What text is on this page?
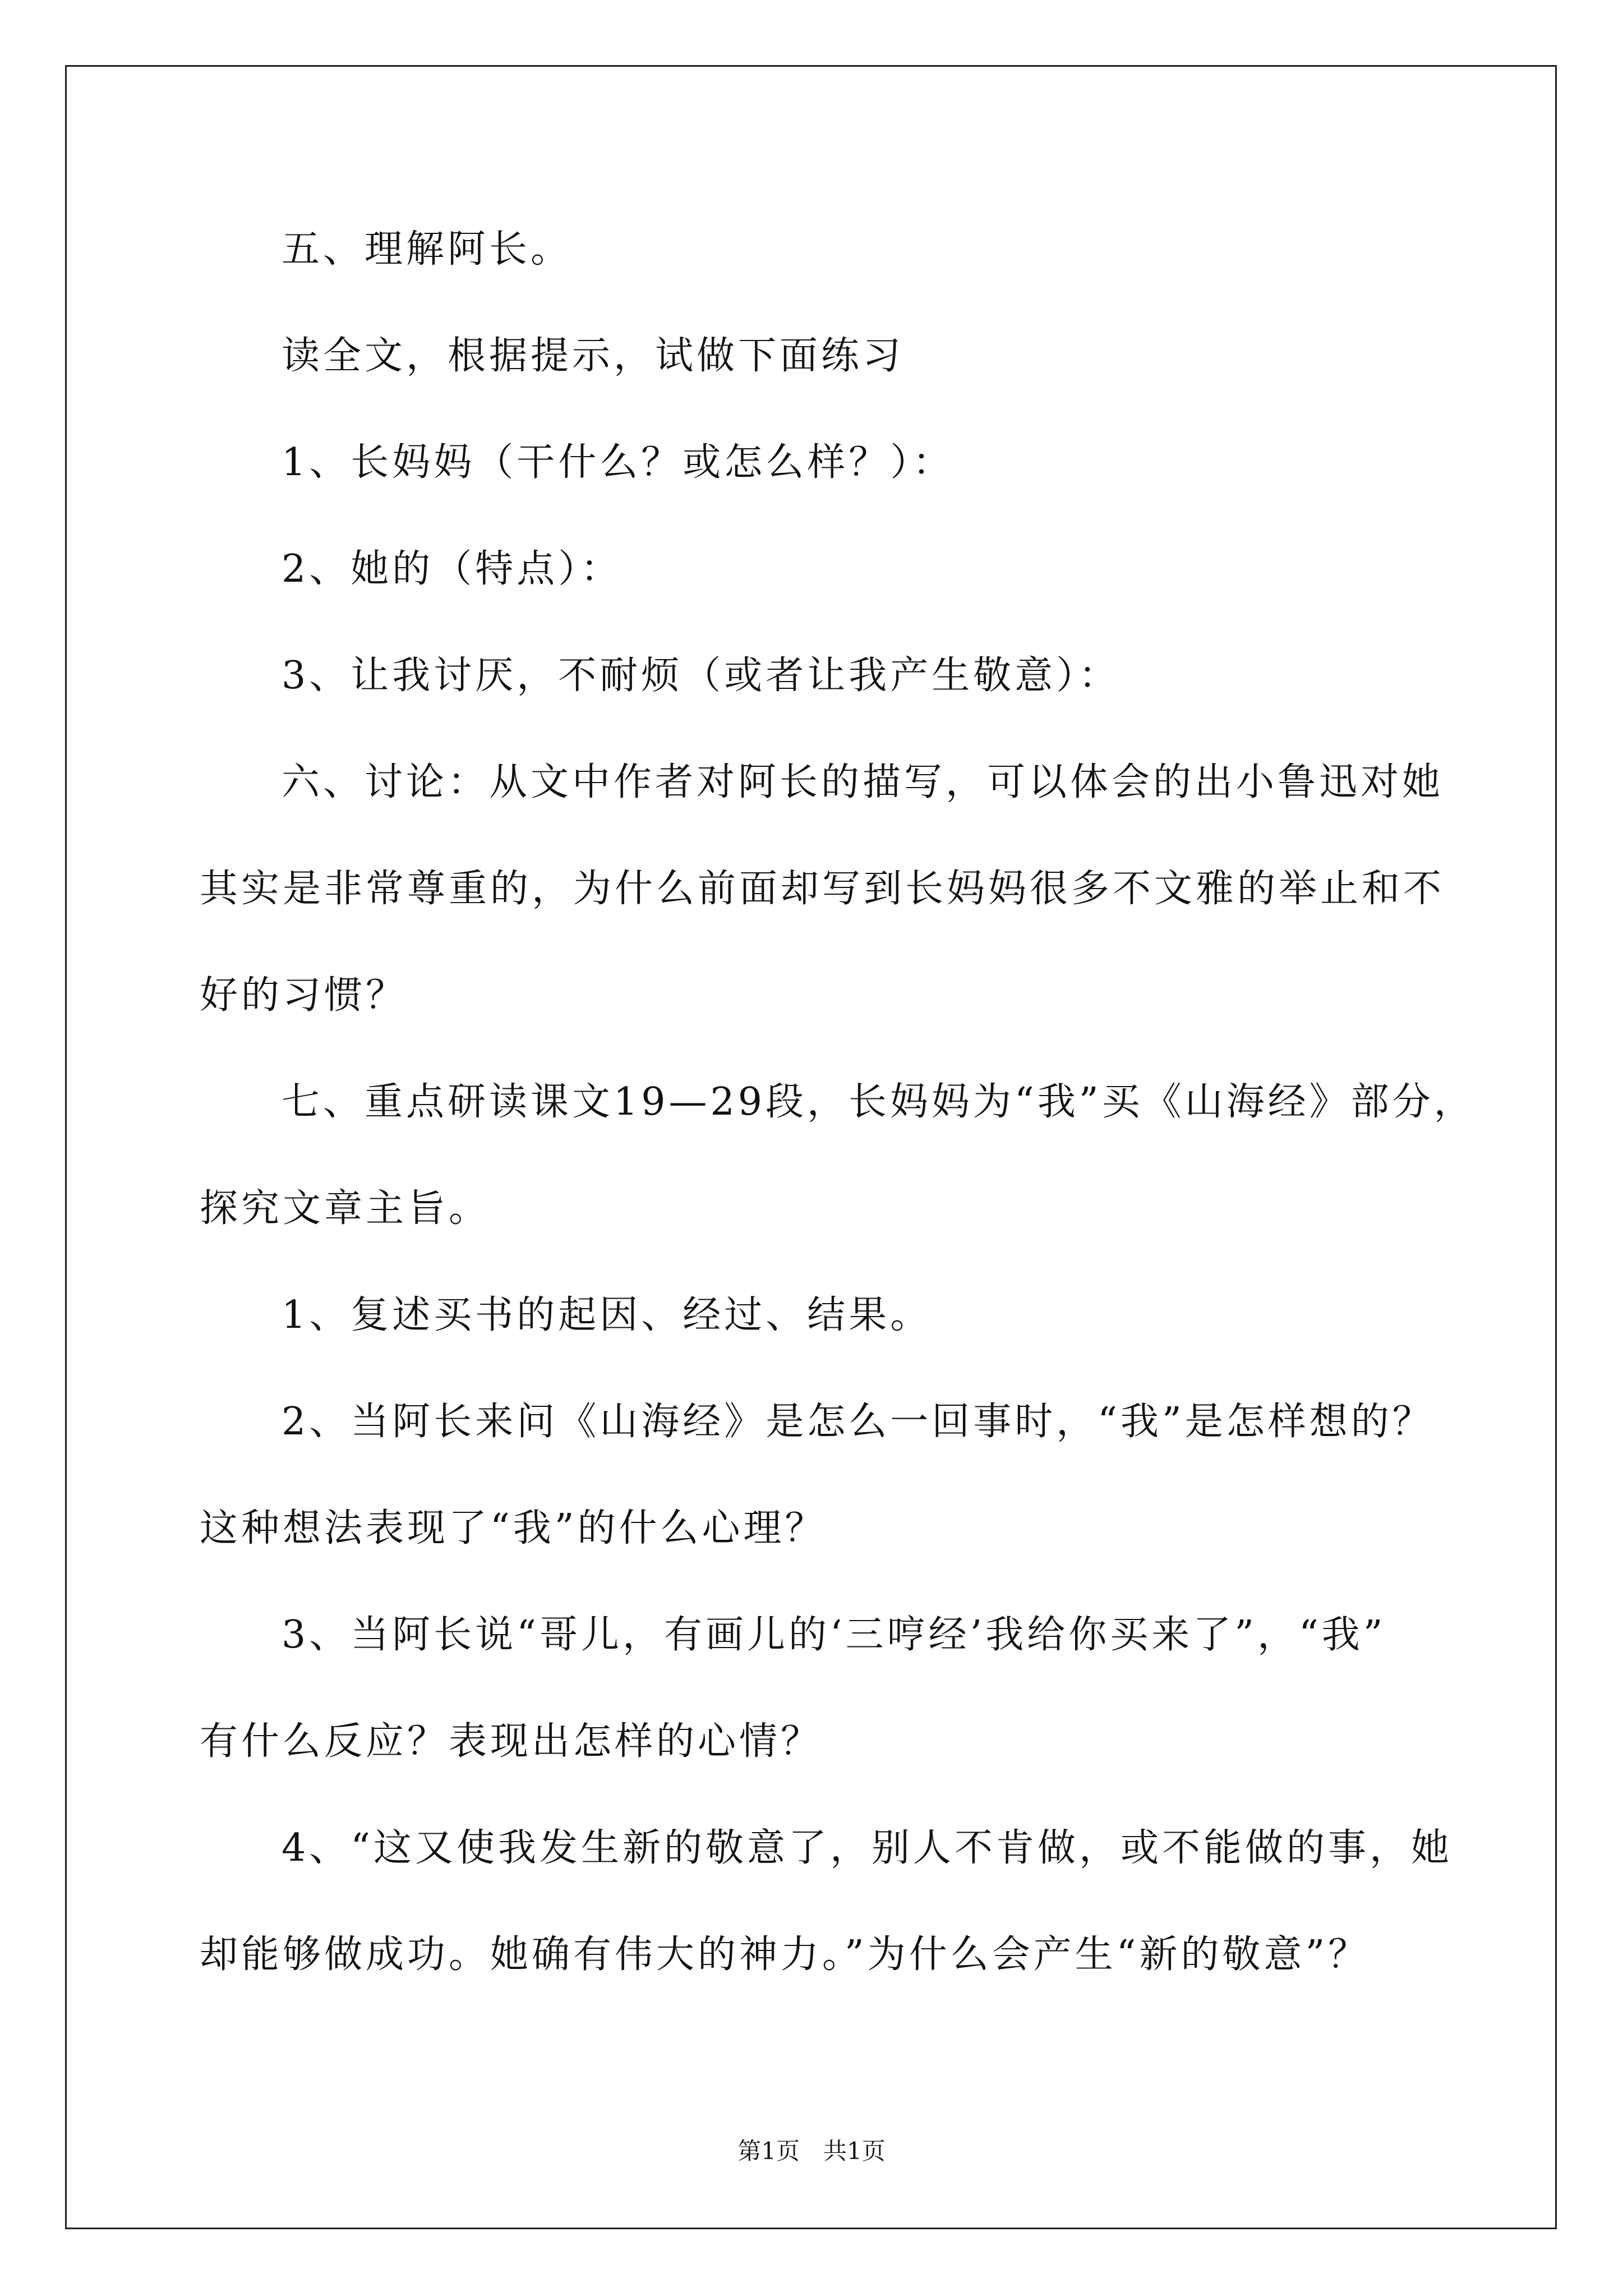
五、理解阿长。
读全文，根据提示，试做下面练习
1、长妈妈（干什么？或怎么样？）：
2、她的（特点）：
3、让我讨厌，不耐烦（或者让我产生敬意）：
六、讨论：从文中作者对阿长的描写，可以体会的出小鲁迅对她
其实是非常尊重的，为什么前面却写到长妈妈很多不文雅的举止和不
好的习惯？
七、重点研读课文19—29段，长妈妈为“我”买《山海经》部分，
探究文章主旨。
1、复述买书的起因、经过、结果。
2、当阿长来问《山海经》是怎么一回事时，“我”是怎样想的？
这种想法表现了“我”的什么心理？
3、当阿长说“哥儿，有画儿的‘三哼经’我给你买来了”，“我”
有什么反应？表现出怎样的心情？
4、“这又使我发生新的敬意了，别人不肯做，或不能做的事，她
却能够做成功。她确有伟大的神力。”为什么会产生“新的敬意”？
第1页　共1页
